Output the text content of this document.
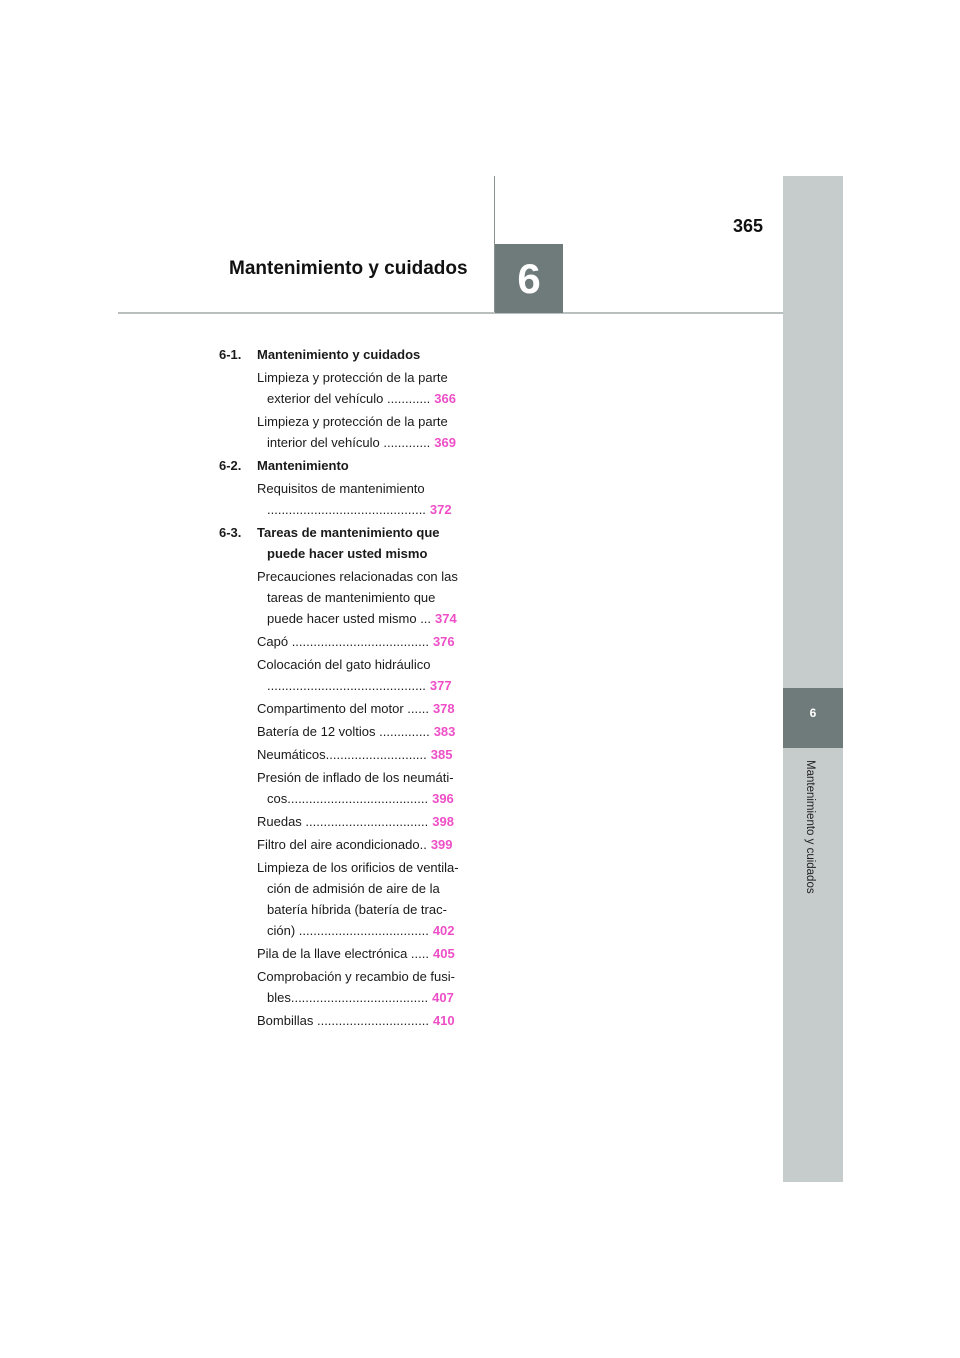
6
Mantenimiento y cuidados
6
Mantenimiento y cuidados
365
6-1.	Mantenimiento y cuidados
Limpieza y protección de la parte
exterior del vehículo ............ 366
Limpieza y protección de la parte
interior del vehículo ............. 369
6-2.	Mantenimiento
Requisitos de mantenimiento
............................................ 372
6-3.	Tareas de mantenimiento que
puede hacer usted mismo
Precauciones relacionadas con las
tareas de mantenimiento que
puede hacer usted mismo ... 374
Capó ...................................... 376
Colocación del gato hidráulico
............................................ 377
Compartimento del motor ...... 378
Batería de 12 voltios .............. 383
Neumáticos............................ 385
Presión de inflado de los neumáti-
cos....................................... 396
Ruedas .................................. 398
Filtro del aire acondicionado.. 399
Limpieza de los orificios de ventila-
ción de admisión de aire de la
batería híbrida (batería de trac-
ción) .................................... 402
Pila de la llave electrónica ..... 405
Comprobación y recambio de fusi-
bles...................................... 407
Bombillas ............................... 410
